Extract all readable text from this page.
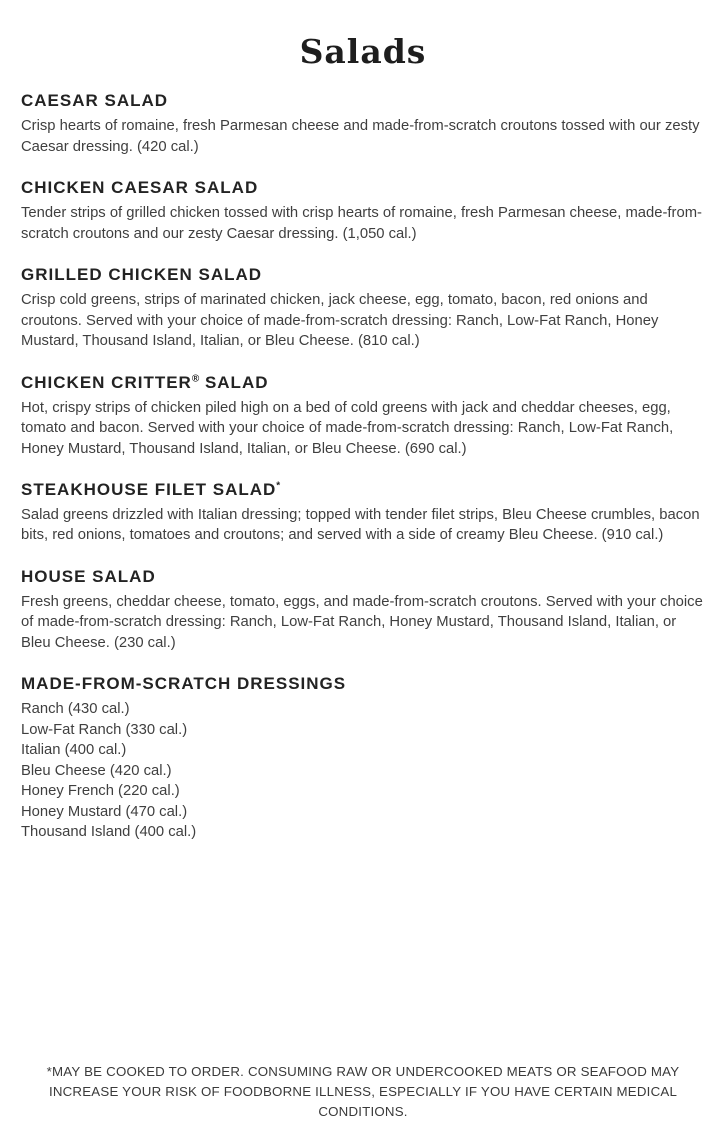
Salads
CAESAR SALAD

Crisp hearts of romaine, fresh Parmesan cheese and made-from-scratch croutons tossed with our zesty Caesar dressing. (420 cal.)

CHICKEN CAESAR SALAD

Tender strips of grilled chicken tossed with crisp hearts of romaine, fresh Parmesan cheese, made-from-scratch croutons and our zesty Caesar dressing. (1,050 cal.)

GRILLED CHICKEN SALAD

Crisp cold greens, strips of marinated chicken, jack cheese, egg, tomato, bacon, red onions and croutons. Served with your choice of made-from-scratch dressing: Ranch, Low-Fat Ranch, Honey Mustard, Thousand Island, Italian, or Bleu Cheese. (810 cal.)

CHICKEN CRITTER® SALAD

Hot, crispy strips of chicken piled high on a bed of cold greens with jack and cheddar cheeses, egg, tomato and bacon. Served with your choice of made-from-scratch dressing: Ranch, Low-Fat Ranch, Honey Mustard, Thousand Island, Italian, or Bleu Cheese. (690 cal.)

STEAKHOUSE FILET SALAD*

Salad greens drizzled with Italian dressing; topped with tender filet strips, Bleu Cheese crumbles, bacon bits, red onions, tomatoes and croutons; and served with a side of creamy Bleu Cheese. (910 cal.)

HOUSE SALAD

Fresh greens, cheddar cheese, tomato, eggs, and made-from-scratch croutons. Served with your choice of made-from-scratch dressing: Ranch, Low-Fat Ranch, Honey Mustard, Thousand Island, Italian, or Bleu Cheese. (230 cal.)

MADE-FROM-SCRATCH DRESSINGS
Ranch (430 cal.)
Low-Fat Ranch (330 cal.)
Italian (400 cal.)
Bleu Cheese (420 cal.)
Honey French (220 cal.)
Honey Mustard (470 cal.)
Thousand Island (400 cal.)
*MAY BE COOKED TO ORDER. CONSUMING RAW OR UNDERCOOKED MEATS OR SEAFOOD MAY INCREASE YOUR RISK OF FOODBORNE ILLNESS, ESPECIALLY IF YOU HAVE CERTAIN MEDICAL CONDITIONS.
